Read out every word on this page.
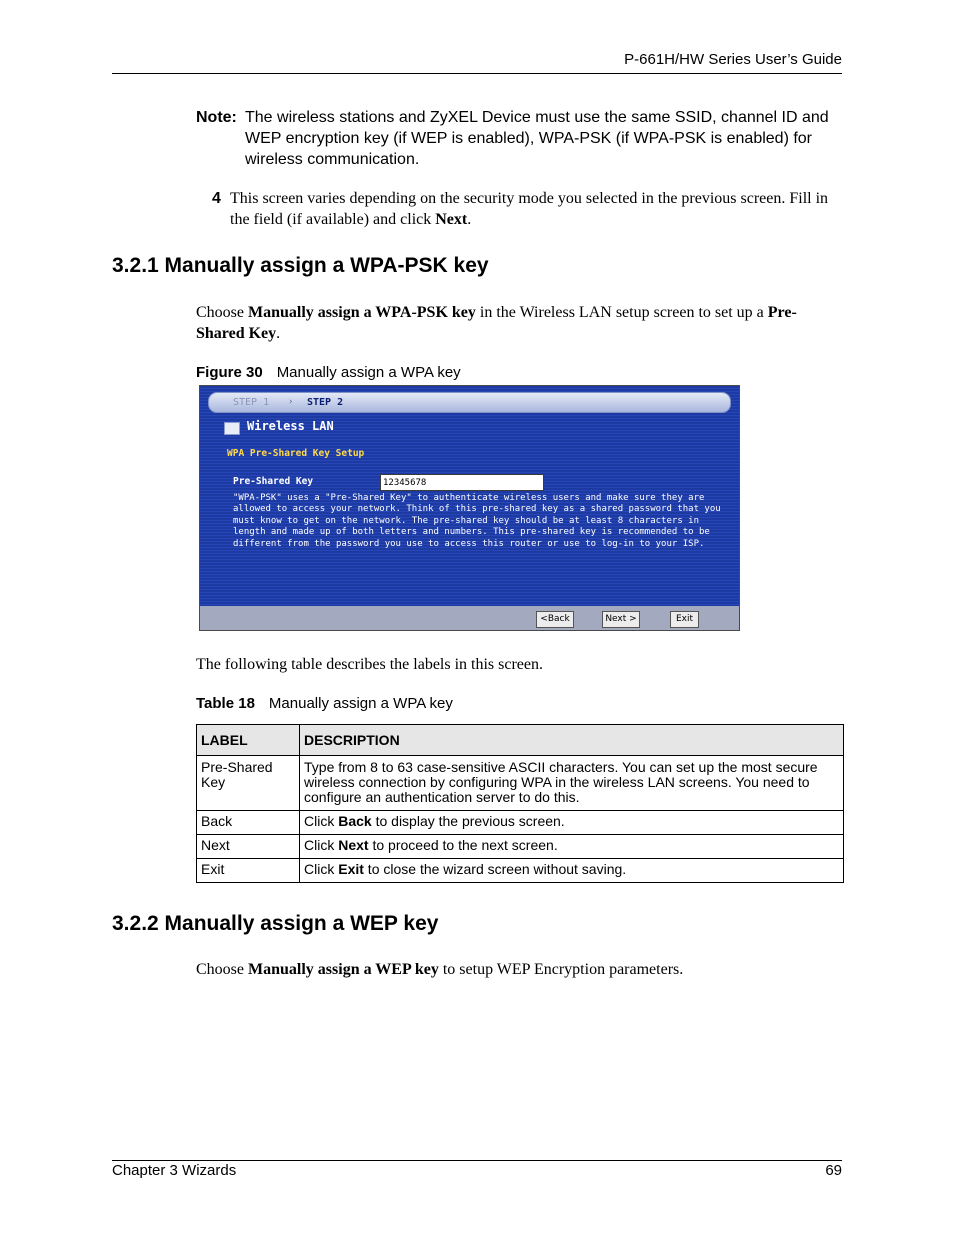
P-661H/HW Series User’s Guide
Note: The wireless stations and ZyXEL Device must use the same SSID, channel ID and WEP encryption key (if WEP is enabled), WPA-PSK (if WPA-PSK is enabled) for wireless communication.
4 This screen varies depending on the security mode you selected in the previous screen. Fill in the field (if available) and click Next.
3.2.1 Manually assign a WPA-PSK key
Choose Manually assign a WPA-PSK key in the Wireless LAN setup screen to set up a Pre-Shared Key.
Figure 30 Manually assign a WPA key
STEP 1 › STEP 2
Wireless LAN
WPA Pre-Shared Key Setup
Pre-Shared Key
12345678
"WPA-PSK" uses a "Pre-Shared Key" to authenticate wireless users and make sure they are allowed to access your network. Think of this pre-shared key as a shared password that you must know to get on the network. The pre-shared key should be at least 8 characters in length and made up of both letters and numbers. This pre-shared key is recommended to be different from the password you use to access this router or use to log-in to your ISP.
<Back	Next >	Exit
The following table describes the labels in this screen.
Table 18 Manually assign a WPA key
LABEL	DESCRIPTION
Pre-Shared Key	Type from 8 to 63 case-sensitive ASCII characters. You can set up the most secure wireless connection by configuring WPA in the wireless LAN screens. You need to configure an authentication server to do this.
Back	Click Back to display the previous screen.
Next	Click Next to proceed to the next screen.
Exit	Click Exit to close the wizard screen without saving.
3.2.2 Manually assign a WEP key
Choose Manually assign a WEP key to setup WEP Encryption parameters.
Chapter 3 Wizards	69
